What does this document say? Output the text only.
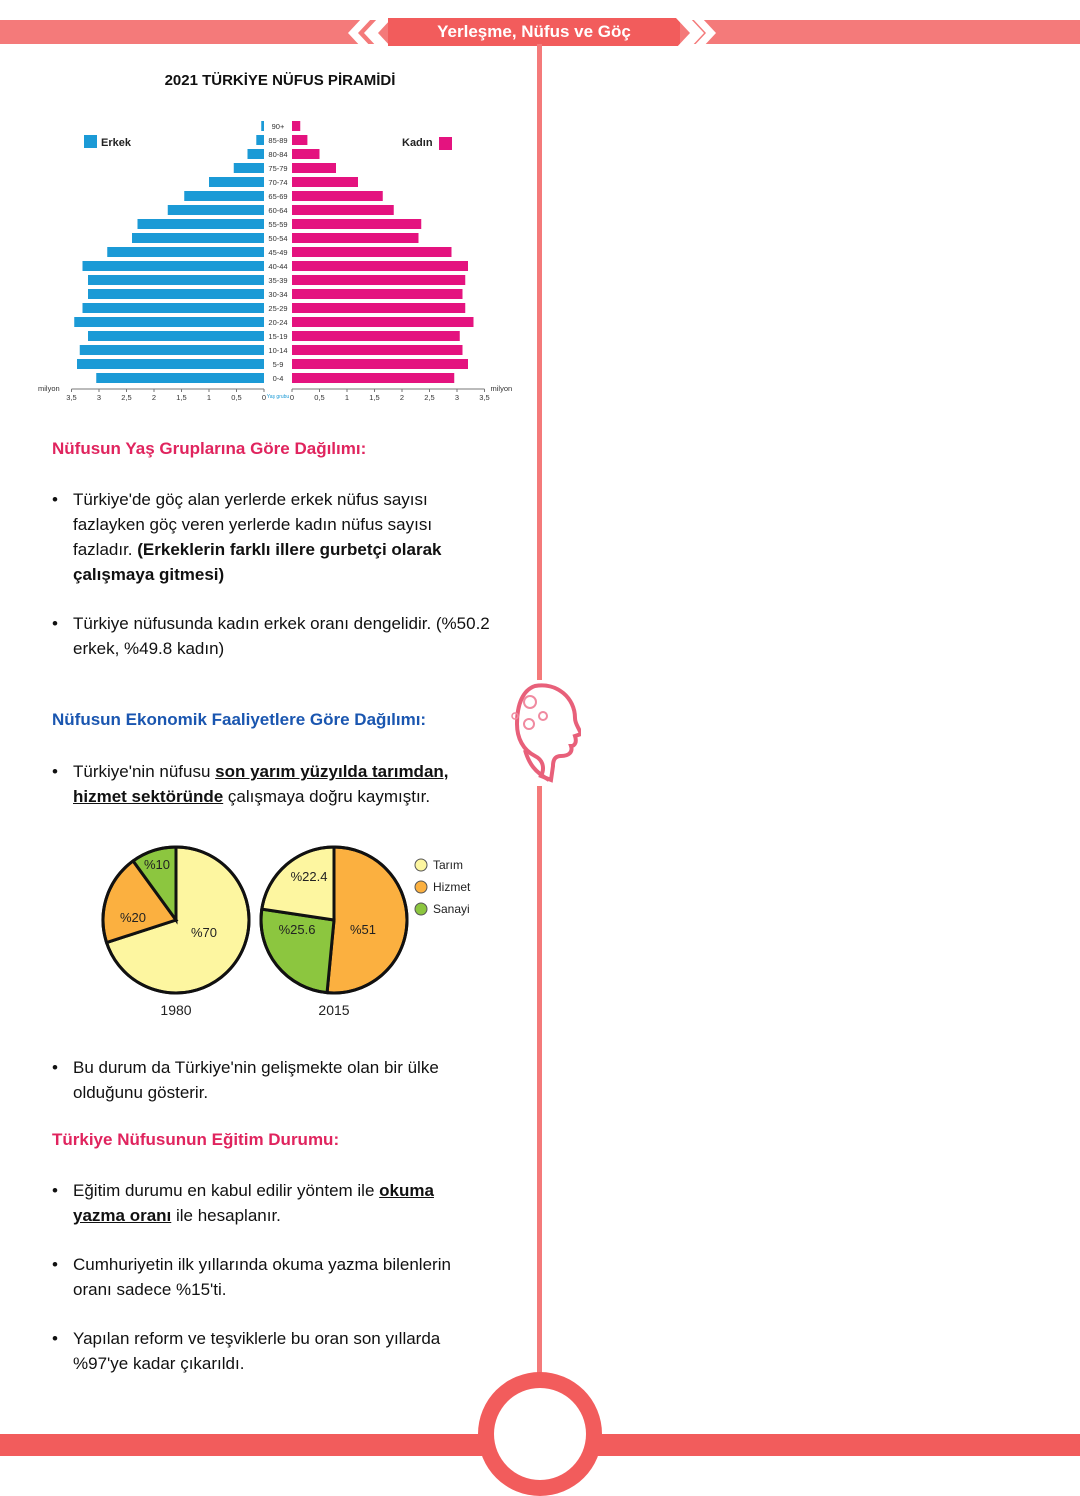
Yerleşme, Nüfus ve Göç
2021 TÜRKİYE NÜFUS PİRAMİDİ
Erkek	Kadın
0-4
5-9
10-14
15-19
20-24
25-29
30-34
35-39
40-44
45-49
50-54
55-59
60-64
65-69
70-74
75-79
80-84
85-89
90+
3,5	3	2,5	2	1,5	1	0,5	0	0	0,5	1	1,5	2	2,5	3	3,5
milyon	milyon
Yaş grubu
Nüfusun Yaş Gruplarına Göre Dağılımı:
• Türkiye'de göç alan yerlerde erkek nüfus sayısı fazlayken göç veren yerlerde kadın nüfus sayısı fazladır. (Erkeklerin farklı illere gurbetçi olarak çalışmaya gitmesi)
• Türkiye nüfusunda kadın erkek oranı dengelidir. (%50.2 erkek, %49.8 kadın)
Nüfusun Ekonomik Faaliyetlere Göre Dağılımı:
• Türkiye'nin nüfusu son yarım yüzyılda tarımdan,
hizmet sektöründe çalışmaya doğru kaymıştır.
%70
%20
%10
1980
%22.4
%51
%25.6
2015
Tarım
Hizmet
Sanayi
• Bu durum da Türkiye'nin gelişmekte olan bir ülke olduğunu gösterir.
Türkiye Nüfusunun Eğitim Durumu:
• Eğitim durumu en kabul edilir yöntem ile okuma
yazma oranı ile hesaplanır.
• Cumhuriyetin ilk yıllarında okuma yazma bilenlerin oranı sadece %15'ti.
• Yapılan reform ve teşviklerle bu oran son yıllarda %97'ye kadar çıkarıldı.
